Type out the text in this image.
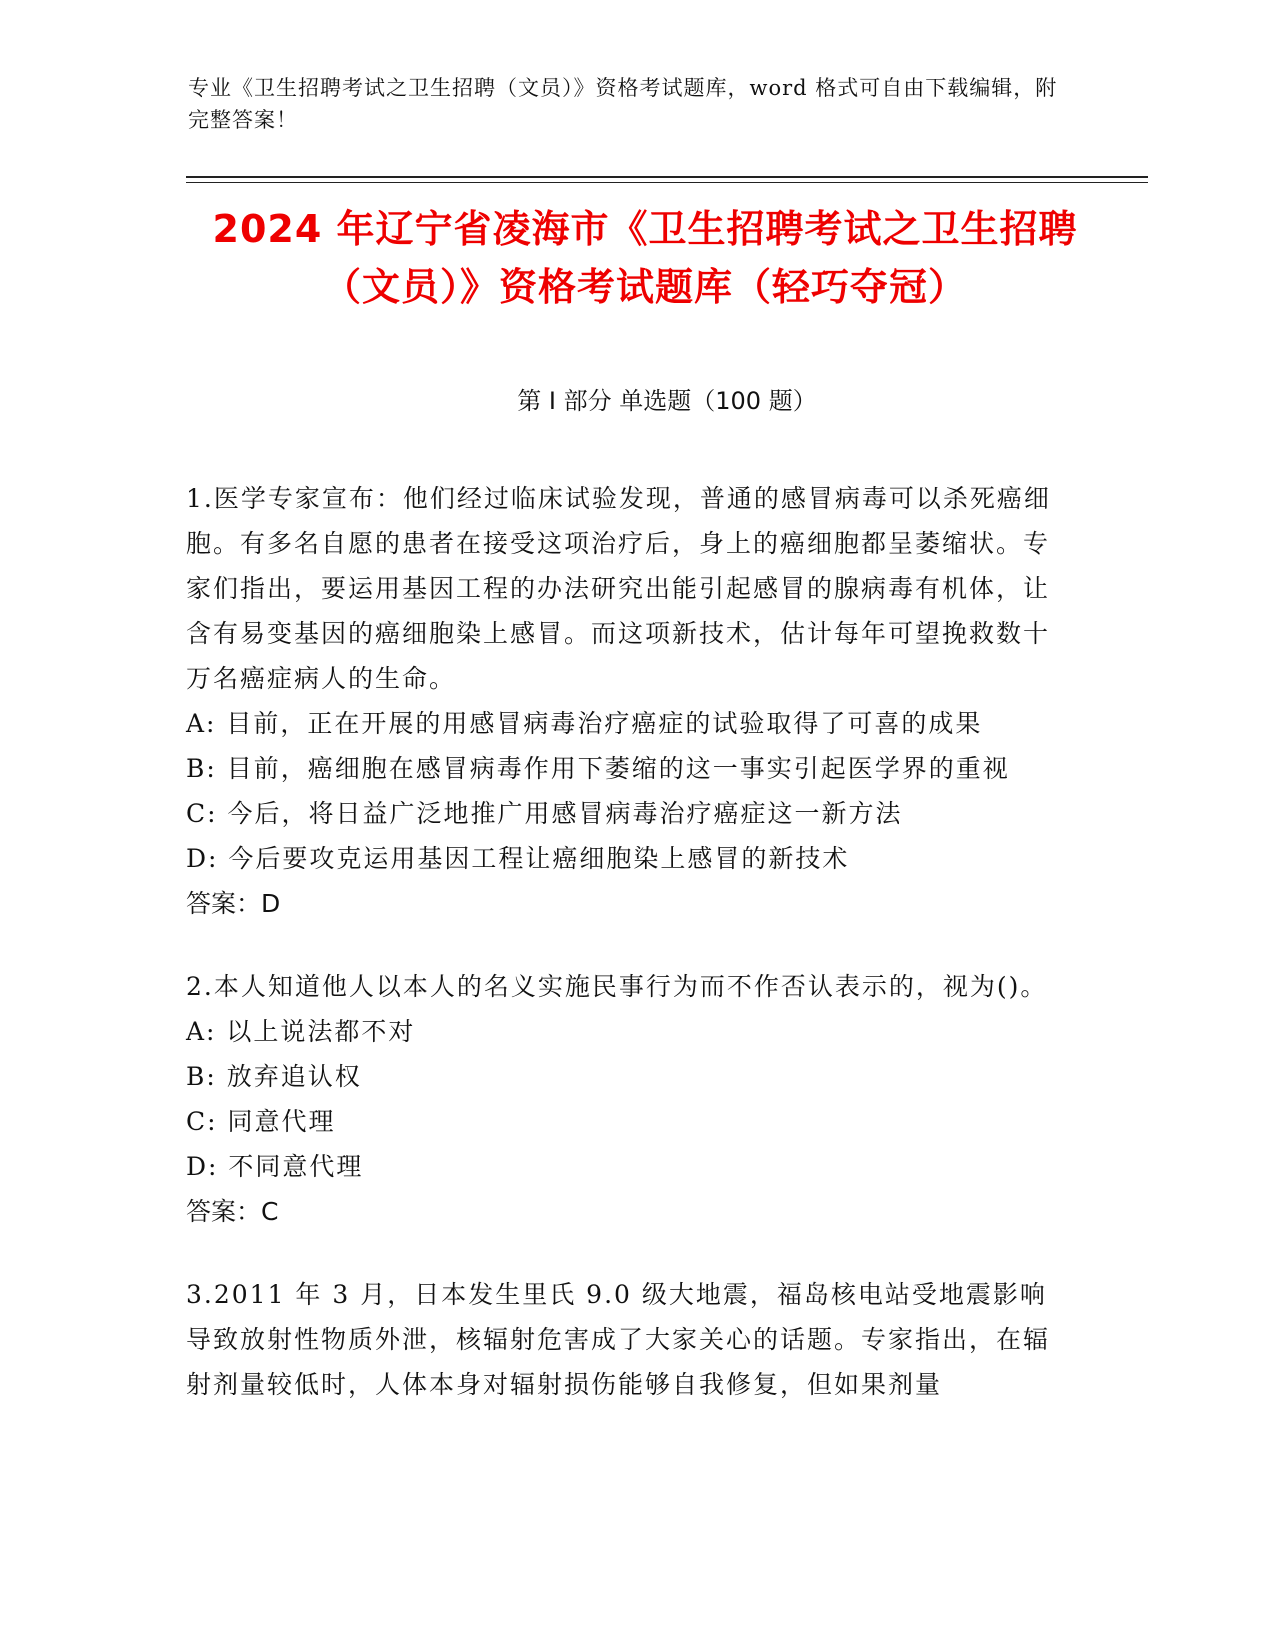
专业《卫生招聘考试之卫生招聘（文员）》资格考试题库，word 格式可自由下载编辑，附完整答案！
2024 年辽宁省凌海市《卫生招聘考试之卫生招聘（文员）》资格考试题库（轻巧夺冠）
第 I 部分 单选题（100 题）
1.医学专家宣布：他们经过临床试验发现，普通的感冒病毒可以杀死癌细胞。有多名自愿的患者在接受这项治疗后，身上的癌细胞都呈萎缩状。专家们指出，要运用基因工程的办法研究出能引起感冒的腺病毒有机体，让含有易变基因的癌细胞染上感冒。而这项新技术，估计每年可望挽救数十万名癌症病人的生命。
A: 目前，正在开展的用感冒病毒治疗癌症的试验取得了可喜的成果
B: 目前，癌细胞在感冒病毒作用下萎缩的这一事实引起医学界的重视
C: 今后，将日益广泛地推广用感冒病毒治疗癌症这一新方法
D: 今后要攻克运用基因工程让癌细胞染上感冒的新技术
答案：D
2.本人知道他人以本人的名义实施民事行为而不作否认表示的，视为()。
A: 以上说法都不对
B: 放弃追认权
C: 同意代理
D: 不同意代理
答案：C
3.2011 年 3 月，日本发生里氏 9.0 级大地震，福岛核电站受地震影响导致放射性物质外泄，核辐射危害成了大家关心的话题。专家指出，在辐射剂量较低时，人体本身对辐射损伤能够自我修复，但如果剂量
